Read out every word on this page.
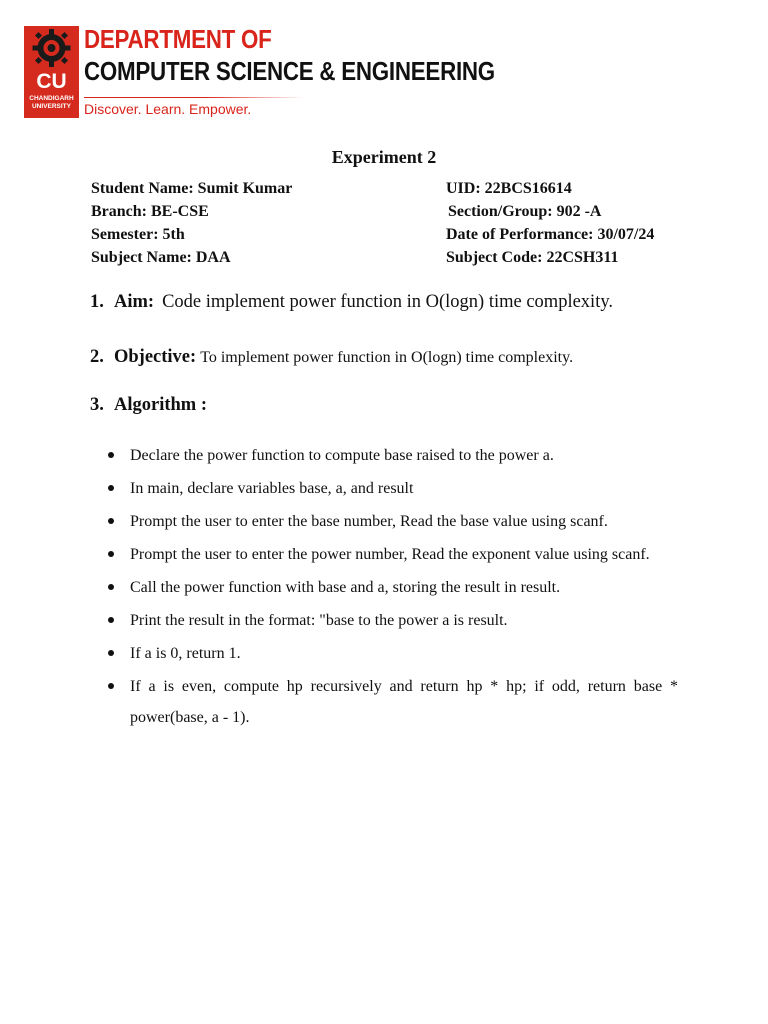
CU
CHANDIGARH UNIVERSITY
DEPARTMENT OF
COMPUTER SCIENCE & ENGINEERING
Discover. Learn. Empower.
Experiment 2
Student Name: Sumit Kumar	UID: 22BCS16614
Branch: BE-CSE	Section/Group: 902 -A
Semester: 5th	Date of Performance: 30/07/24
Subject Name: DAA	Subject Code: 22CSH311
1. Aim: Code implement power function in O(logn) time complexity.
2. Objective: To implement power function in O(logn) time complexity.
3. Algorithm :
Declare the power function to compute base raised to the power a.
In main, declare variables base, a, and result
Prompt the user to enter the base number, Read the base value using scanf.
Prompt the user to enter the power number, Read the exponent value using scanf.
Call the power function with base and a, storing the result in result.
Print the result in the format: "base to the power a is result.
If a is 0, return 1.
If a is even, compute hp recursively and return hp * hp; if odd, return base * power(base, a - 1).
